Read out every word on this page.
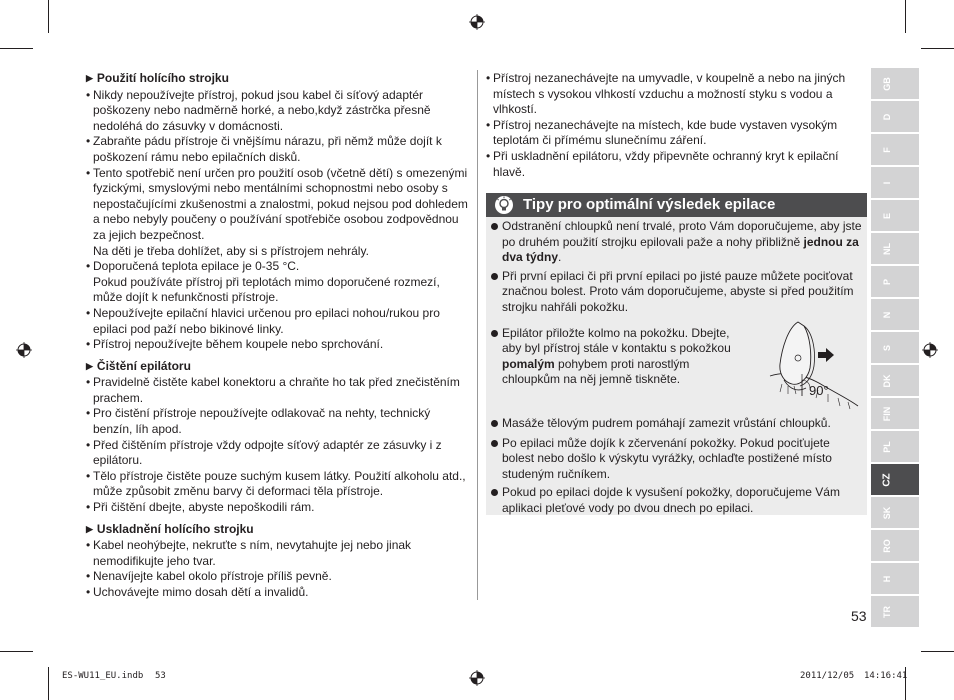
▶ Použití holícího strojku

• Nikdy nepoužívejte přístroj, pokud jsou kabel či síťový adaptér poškozeny nebo nadměrně horké, a nebo,když zástrčka přesně nedoléhá do zásuvky v domácnosti.
• Zabraňte pádu přístroje či vnějšímu nárazu, při němž může dojít k poškození rámu nebo epilačních disků.
• Tento spotřebič není určen pro použití osob (včetně dětí) s omezenými fyzickými, smyslovými nebo mentálními schopnostmi nebo osoby s nepostačujícími zkušenostmi a znalostmi, pokud nejsou pod dohledem a nebo nebyly poučeny o používání spotřebiče osobou zodpovědnou za jejich bezpečnost.
Na děti je třeba dohlížet, aby si s přístrojem nehrály.
• Doporučená teplota epilace je 0-35 °C.
Pokud používáte přístroj při teplotách mimo doporučené rozmezí, může dojít k nefunkčnosti přístroje.
• Nepoužívejte epilační hlavici určenou pro epilaci nohou/rukou pro epilaci pod paží nebo bikinové linky.
• Přístroj nepoužívejte během koupele nebo sprchování.

▶ Čištění epilátoru

• Pravidelně čistěte kabel konektoru a chraňte ho tak před znečistěním prachem.
• Pro čistění přístroje nepoužívejte odlakovač na nehty, technický benzín, líh apod.
• Před čištěním přístroje vždy odpojte síťový adaptér ze zásuvky i z epilátoru.
• Tělo přístroje čistěte pouze suchým kusem látky. Použití alkoholu atd., může způsobit změnu barvy či deformaci těla přístroje.
• Při čištění dbejte, abyste nepoškodili rám.

▶ Uskladnění holícího strojku

• Kabel neohýbejte, nekruťte s ním, nevytahujte jej nebo jinak nemodifikujte jeho tvar.
• Nenavíjejte kabel okolo přístroje příliš pevně.
• Uchovávejte mimo dosah dětí a invalidů.
• Přístroj nezanechávejte na umyvadle, v koupelně a nebo na jiných místech s vysokou vlhkostí vzduchu a možností styku s vodou a vlhkostí.
• Přístroj nezanechávejte na místech, kde bude vystaven vysokým teplotám či přímému slunečnímu záření.
• Při uskladnění epilátoru, vždy připevněte ochranný kryt k epilační hlavě.
Tipy pro optimální výsledek epilace
Odstranění chloupků není trvalé, proto Vám doporučujeme, aby jste po druhém použití strojku epilovali paže a nohy přibližně jednou za dva týdny.
Při první epilaci či při první epilaci po jisté pauze můžete pociťovat značnou bolest. Proto vám doporučujeme, abyste si před použitím strojku nahřáli pokožku.
Epilátor přiložte kolmo na pokožku. Dbejte, aby byl přístroj stále v kontaktu s pokožkou pomalým pohybem proti narostlým chloupkům na něj jemně tiskněte.
Masáže tělovým pudrem pomáhají zamezit vrůstání chloupků.
Po epilaci může dojík k zčervenání pokožky. Pokud pociťujete bolest nebo došlo k výskytu vyrážky, ochlaďte postižené místo studeným ručníkem.
Pokud po epilaci dojde k vysušení pokožky, doporučujeme Vám aplikaci pleťové vody po dvou dnech po epilaci.
90°
GB
D
F
I
E
NL
P
N
S
DK
FIN
PL
CZ
SK
RO
H
TR
53
ES-WU11_EU.indb 53	2011/12/05 14:16:41
